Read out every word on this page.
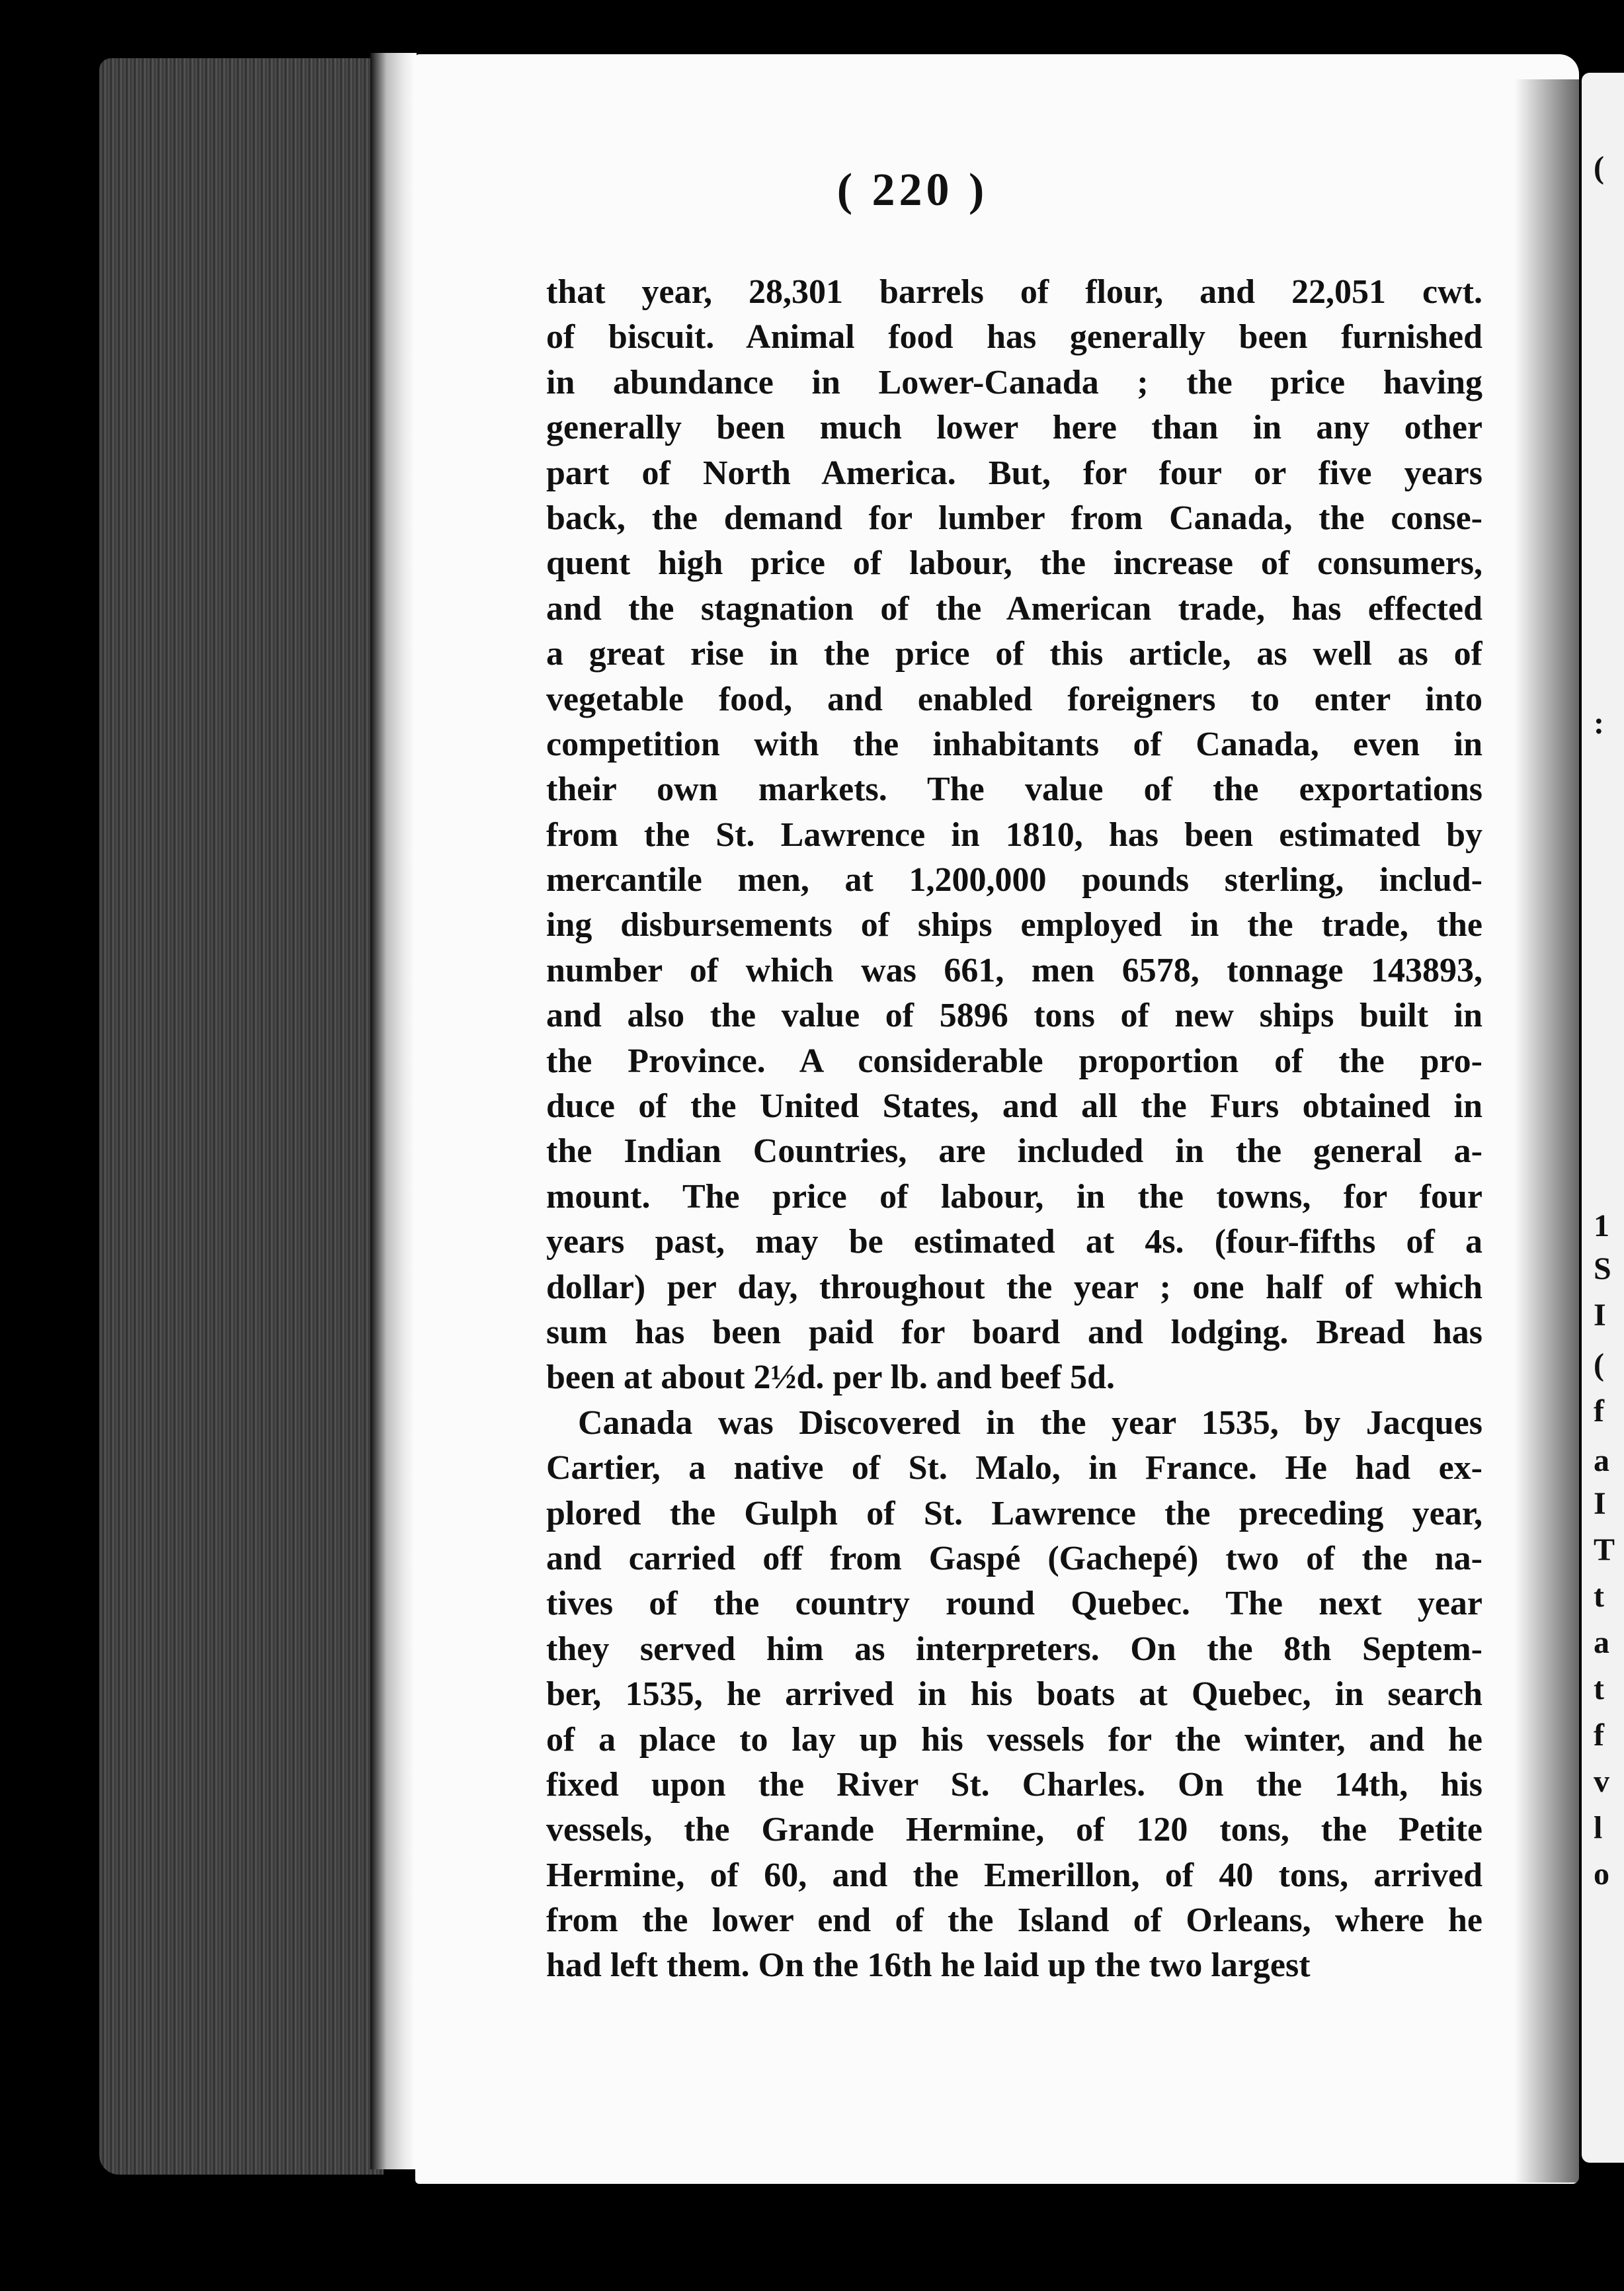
(
:
1
S
I
(
f
a
I
T
t
a
t
f
v
l
o
( 220 )
that year, 28,301 barrels of flour, and 22,051 cwt.
of biscuit. Animal food has generally been furnished
in abundance in Lower-Canada ; the price having
generally been much lower here than in any other
part of North America. But, for four or five years
back, the demand for lumber from Canada, the conse-
quent high price of labour, the increase of consumers,
and the stagnation of the American trade, has effected
a great rise in the price of this article, as well as of
vegetable food, and enabled foreigners to enter into
competition with the inhabitants of Canada, even in
their own markets. The value of the exportations
from the St. Lawrence in 1810, has been estimated by
mercantile men, at 1,200,000 pounds sterling, includ-
ing disbursements of ships employed in the trade, the
number of which was 661, men 6578, tonnage 143893,
and also the value of 5896 tons of new ships built in
the Province. A considerable proportion of the pro-
duce of the United States, and all the Furs obtained in
the Indian Countries, are included in the general a-
mount. The price of labour, in the towns, for four
years past, may be estimated at 4s. (four-fifths of a
dollar) per day, throughout the year ; one half of which
sum has been paid for board and lodging. Bread has
been at about 2½d. per lb. and beef 5d.
Canada was Discovered in the year 1535, by Jacques
Cartier, a native of St. Malo, in France. He had ex-
plored the Gulph of St. Lawrence the preceding year,
and carried off from Gaspé (Gachepé) two of the na-
tives of the country round Quebec. The next year
they served him as interpreters. On the 8th Septem-
ber, 1535, he arrived in his boats at Quebec, in search
of a place to lay up his vessels for the winter, and he
fixed upon the River St. Charles. On the 14th, his
vessels, the Grande Hermine, of 120 tons, the Petite
Hermine, of 60, and the Emerillon, of 40 tons, arrived
from the lower end of the Island of Orleans, where he
had left them. On the 16th he laid up the two largest
